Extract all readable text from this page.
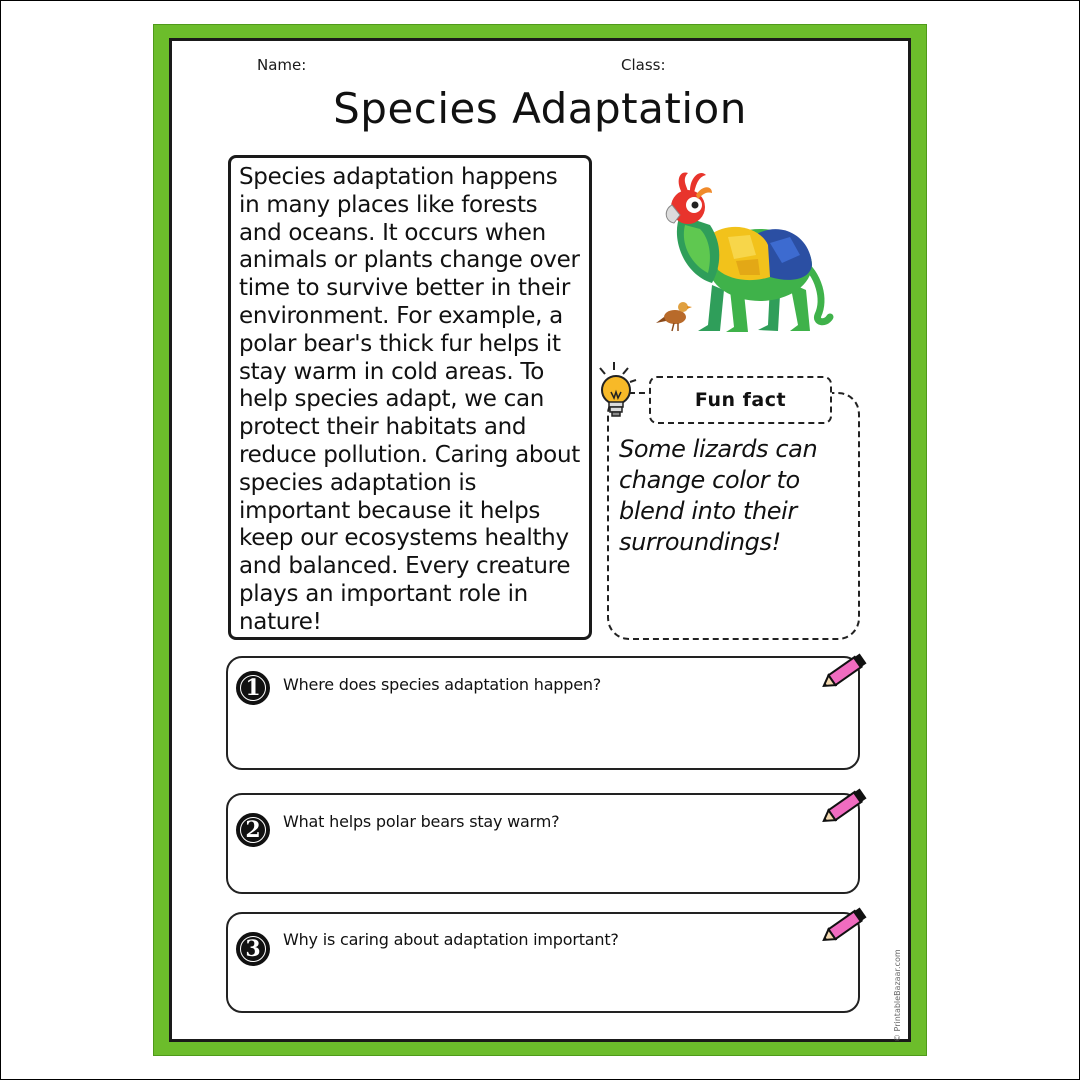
Name:	Class:
Species Adaptation
Species adaptation happens in many places like forests and oceans. It occurs when animals or plants change over time to survive better in their environment. For example, a polar bear's thick fur helps it stay warm in cold areas. To help species adapt, we can protect their habitats and reduce pollution. Caring about species adaptation is important because it helps keep our ecosystems healthy and balanced. Every creature plays an important role in nature!
Fun fact
Some lizards can change color to blend into their surroundings!
1 Where does species adaptation happen?
2 What helps polar bears stay warm?
3 Why is caring about adaptation important?
© PrintableBazaar.com
